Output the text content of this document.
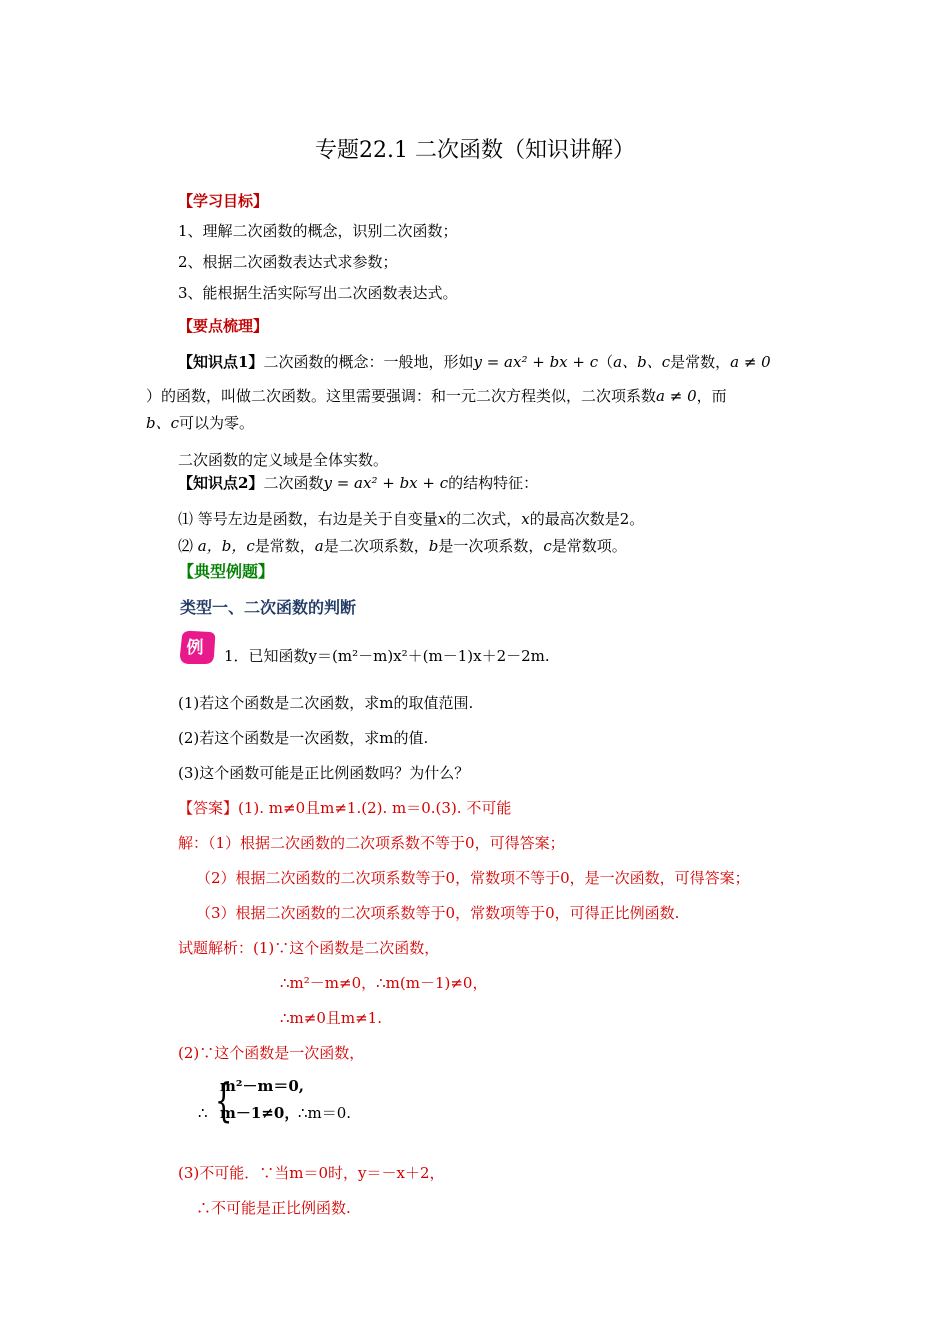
专题22.1 二次函数（知识讲解）
【学习目标】
1、理解二次函数的概念，识别二次函数；
2、根据二次函数表达式求参数；
3、能根据生活实际写出二次函数表达式。
【要点梳理】
【知识点1】二次函数的概念：一般地，形如y = ax² + bx + c（a、b、c是常数，a ≠ 0
）的函数，叫做二次函数。这里需要强调：和一元二次方程类似，二次项系数a ≠ 0，而
b、c可以为零。
二次函数的定义域是全体实数。
【知识点2】二次函数y = ax² + bx + c的结构特征：
⑴ 等号左边是函数，右边是关于自变量x的二次式，x的最高次数是2。
⑵ a，b，c是常数，a是二次项系数，b是一次项系数，c是常数项。
【典型例题】
类型一、二次函数的判断
例 1．已知函数y＝(m²－m)x²＋(m－1)x＋2－2m.
(1)若这个函数是二次函数，求m的取值范围.
(2)若这个函数是一次函数，求m的值.
(3)这个函数可能是正比例函数吗？为什么？
【答案】(1). m≠0且m≠1.(2). m＝0.(3). 不可能
解：（1）根据二次函数的二次项系数不等于0，可得答案；
（2）根据二次函数的二次项系数等于0，常数项不等于0，是一次函数，可得答案；
（3）根据二次函数的二次项系数等于0，常数项等于0，可得正比例函数.
试题解析：(1)∵这个函数是二次函数，
∴m²－m≠0，∴m(m－1)≠0，
∴m≠0且m≠1.
(2)∵这个函数是一次函数，
{
m²－m＝0,
∴ m－1≠0，
∴m＝0.
(3)不可能．∵当m＝0时，y＝－x＋2，
∴不可能是正比例函数.
